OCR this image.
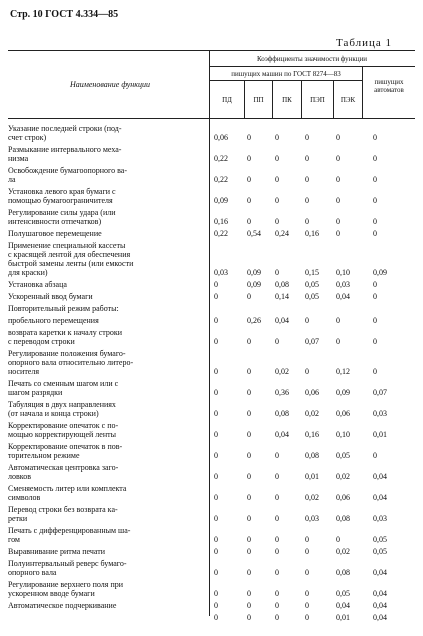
Стр. 10 ГОСТ 4.334—85
Таблица 1
Наименование функции
Коэффициенты значимости функции
пишущих машин по ГОСТ 8274—83
ПД	ПП	ПК	ПЭП	ПЭК
пишущих автоматов
Указание последней строки (под-
счет строк)	0,06	0	0	0	0	0
Размыкание интервального меха-
низма	0,22	0	0	0	0	0
Освобождение бумагоопорного ва-
ла	0,22	0	0	0	0	0
Установка левого края бумаги с
помощью бумагоограничителя	0,09	0	0	0	0	0
Регулирование силы удара (или
интенсивности отпечатков)	0,16	0	0	0	0	0
Полушаговое перемещение	0,22	0,54	0,24	0,16	0	0
Применение специальной кассеты
с красящей лентой для обеспечения
быстрой замены ленты (или емкости
для краски)	0,03	0,09	0	0,15	0,10	0,09
Установка абзаца	0	0,09	0,08	0,05	0,03	0
Ускоренный ввод бумаги	0	0	0,14	0,05	0,04	0
Повторительный режим работы:
пробельного перемещения	0	0,26	0,04	0	0	0
возврата каретки к началу строки
с переводом строки	0	0	0	0,07	0	0
Регулирование положения бумаго-
опорного вала относительно литеро-
носителя	0	0	0,02	0	0,12	0
Печать со сменным шагом или с
шагом разрядки	0	0	0,36	0,06	0,09	0,07
Табуляция в двух направлениях
(от начала и конца строки)	0	0	0,08	0,02	0,06	0,03
Корректирование опечаток с по-
мощью корректирующей ленты	0	0	0,04	0,16	0,10	0,01
Корректирование опечаток в пов-
торительном режиме	0	0	0	0,08	0,05	0
Автоматическая центровка заго-
ловков	0	0	0	0,01	0,02	0,04
Сменяемость литер или комплекта
символов	0	0	0	0,02	0,06	0,04
Перевод строки без возврата ка-
ретки	0	0	0	0,03	0,08	0,03
Печать с дифференцированным ша-
гом	0	0	0	0	0	0,05
Выравнивание ритма печати	0	0	0	0	0,02	0,05
Полуинтервальный реверс бумаго-
опорного вала	0	0	0	0	0,08	0,04
Регулирование верхнего поля при
ускоренном вводе бумаги	0	0	0	0	0,05	0,04
Автоматическое подчеркивание	0	0	0	0	0,04	0,04
0	0	0	0	0,01	0,04
